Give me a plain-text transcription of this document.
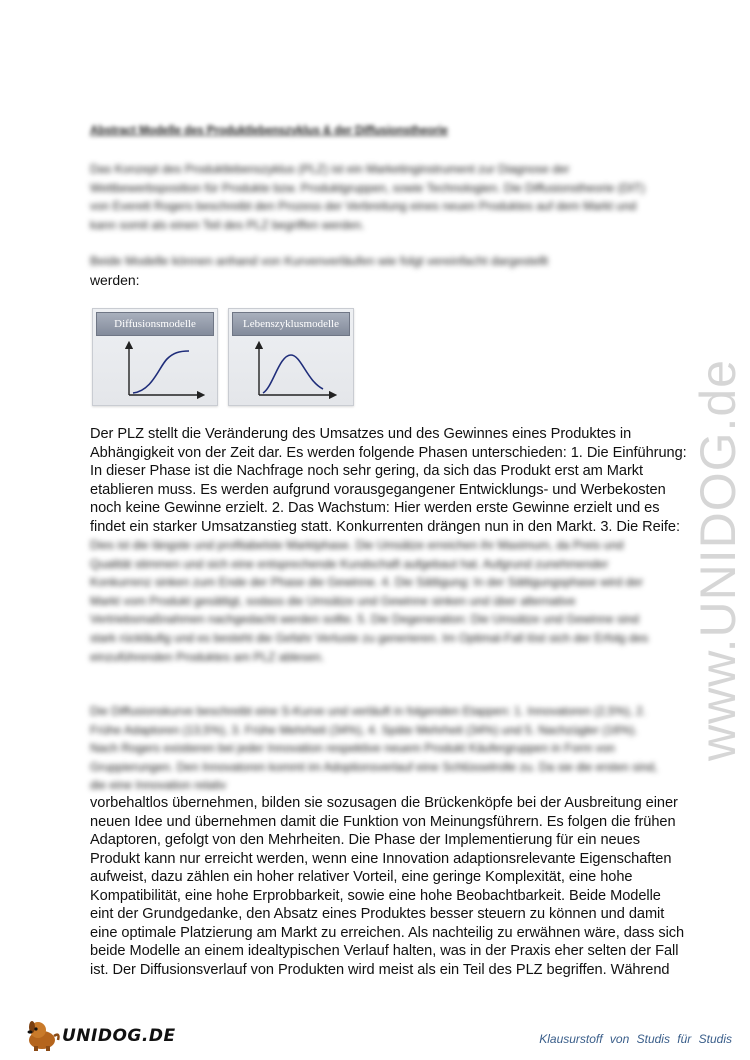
Abstract Modelle des Produktlebenszyklus & der Diffusionstheorie
Das Konzept des Produktlebenszyklus (PLZ) ist ein Marketinginstrument zur Diagnose der Wettbewerbsposition für Produkte bzw. Produktgruppen, sowie Technologien. Die Diffusionstheorie (DIT) von Everett Rogers beschreibt den Prozess der Verbreitung eines neuen Produktes auf dem Markt und kann somit als einen Teil des PLZ begriffen werden.
Beide Modelle können anhand von Kurvenverläufen wie folgt vereinfacht dargestellt
werden:
Diffusionsmodelle	Lebenszyklusmodelle
Der PLZ stellt die Veränderung des Umsatzes und des Gewinnes eines Produktes in
Abhängigkeit von der Zeit dar. Es werden folgende Phasen unterschieden: 1. Die Einführung:
In dieser Phase ist die Nachfrage noch sehr gering, da sich das Produkt erst am Markt
etablieren muss. Es werden aufgrund vorausgegangener Entwicklungs- und Werbekosten
noch keine Gewinne erzielt. 2. Das Wachstum: Hier werden erste Gewinne erzielt und es
findet ein starker Umsatzanstieg statt. Konkurrenten drängen nun in den Markt. 3. Die Reife:
Dies ist die längste und profitabelste Marktphase. Die Umsätze erreichen ihr Maximum, da Preis und Qualität stimmen und sich eine entsprechende Kundschaft aufgebaut hat. Aufgrund zunehmender Konkurrenz sinken zum Ende der Phase die Gewinne. 4. Die Sättigung: In der Sättigungsphase wird der Markt vom Produkt gesättigt, sodass die Umsätze und Gewinne sinken und über alternative Vertriebsmaßnahmen nachgedacht werden sollte. 5. Die Degeneration: Die Umsätze und Gewinne sind stark rückläufig und es besteht die Gefahr Verluste zu generieren. Im Optimal-Fall löst sich der Erfolg des einzuführenden Produktes am PLZ ablesen.
Die Diffusionskurve beschreibt eine S-Kurve und verläuft in folgenden Etappen: 1. Innovatoren (2,5%), 2. Frühe Adaptoren (13,5%), 3. Frühe Mehrheit (34%), 4. Späte Mehrheit (34%) und 5. Nachzügler (16%). Nach Rogers existieren bei jeder Innovation respektive neuem Produkt Käufergruppen in Form von Gruppierungen. Den Innovatoren kommt im Adoptionsverlauf eine Schlüsselrolle zu. Da sie die ersten sind, die eine Innovation relativ
vorbehaltlos übernehmen, bilden sie sozusagen die Brückenköpfe bei der Ausbreitung einer
neuen Idee und übernehmen damit die Funktion von Meinungsführern. Es folgen die frühen
Adaptoren, gefolgt von den Mehrheiten. Die Phase der Implementierung für ein neues
Produkt kann nur erreicht werden, wenn eine Innovation adaptionsrelevante Eigenschaften
aufweist, dazu zählen ein hoher relativer Vorteil, eine geringe Komplexität, eine hohe
Kompatibilität, eine hohe Erprobbarkeit, sowie eine hohe Beobachtbarkeit. Beide Modelle
eint der Grundgedanke, den Absatz eines Produktes besser steuern zu können und damit
eine optimale Platzierung am Markt zu erreichen. Als nachteilig zu erwähnen wäre, dass sich
beide Modelle an einem idealtypischen Verlauf halten, was in der Praxis eher selten der Fall
ist. Der Diffusionsverlauf von Produkten wird meist als ein Teil des PLZ begriffen. Während
www.UNIDOG.de
UNIDOG.DE	Klausurstoff von Studis für Studis
